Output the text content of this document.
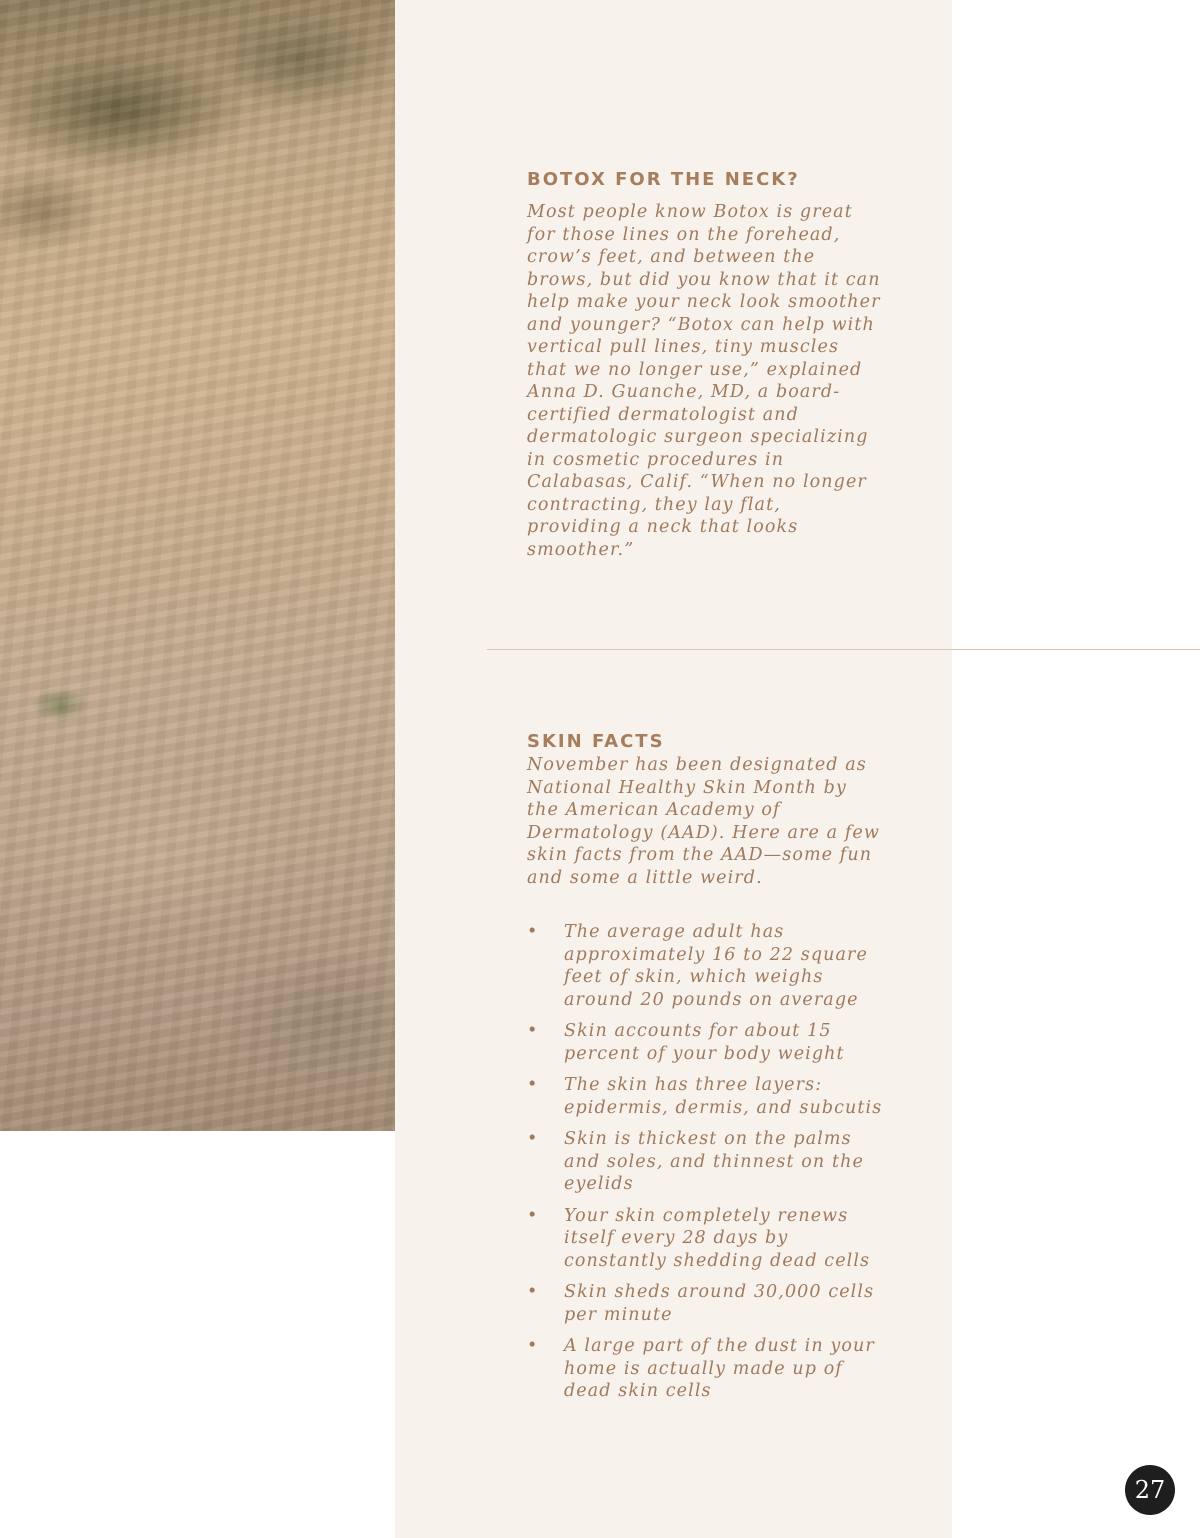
BOTOX FOR THE NECK?

Most people know Botox is great for those lines on the forehead, crow’s feet, and between the brows, but did you know that it can help make your neck look smoother and younger? “Botox can help with vertical pull lines, tiny muscles that we no longer use,” explained Anna D. Guanche, MD, a board-certified dermatologist and dermatologic surgeon specializing in cosmetic procedures in Calabasas, Calif. “When no longer contracting, they lay flat, providing a neck that looks smoother.”

SKIN FACTS

November has been designated as National Healthy Skin Month by the American Academy of Dermatology (AAD). Here are a few skin facts from the AAD—some fun and some a little weird.

• The average adult has approximately 16 to 22 square feet of skin, which weighs around 20 pounds on average
• Skin accounts for about 15 percent of your body weight
• The skin has three layers: epidermis, dermis, and subcutis
• Skin is thickest on the palms and soles, and thinnest on the eyelids
• Your skin completely renews itself every 28 days by constantly shedding dead cells
• Skin sheds around 30,000 cells per minute
• A large part of the dust in your home is actually made up of dead skin cells
27
